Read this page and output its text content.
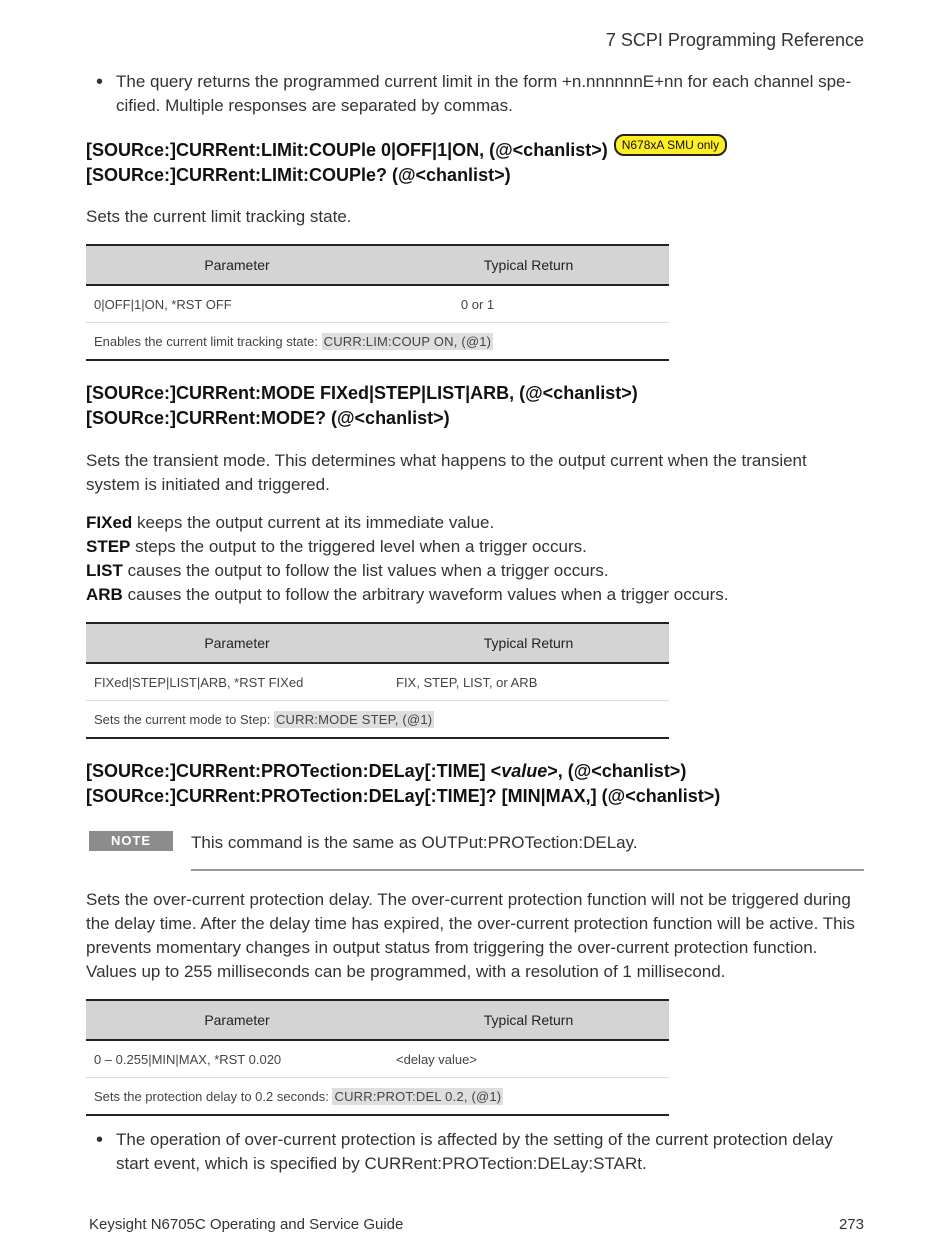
7 SCPI Programming Reference
• The query returns the programmed current limit in the form +n.nnnnnnE+nn for each channel spe-cified. Multiple responses are separated by commas.
[SOURce:]CURRent:LIMit:COUPle 0|OFF|1|ON, (@<chanlist>)	N678xA SMU only
[SOURce:]CURRent:LIMit:COUPle? (@<chanlist>)
Sets the current limit tracking state.
Parameter	Typical Return
0|OFF|1|ON, *RST OFF	0 or 1
Enables the current limit tracking state: CURR:LIM:COUP ON, (@1)	
[SOURce:]CURRent:MODE FIXed|STEP|LIST|ARB, (@<chanlist>)
[SOURce:]CURRent:MODE? (@<chanlist>)
Sets the transient mode. This determines what happens to the output current when the transient system is initiated and triggered.
FIXed keeps the output current at its immediate value.
STEP steps the output to the triggered level when a trigger occurs.
LIST causes the output to follow the list values when a trigger occurs.
ARB causes the output to follow the arbitrary waveform values when a trigger occurs.
Parameter	Typical Return
FIXed|STEP|LIST|ARB, *RST FIXed	FIX, STEP, LIST, or ARB
Sets the current mode to Step: CURR:MODE STEP, (@1)	
[SOURce:]CURRent:PROTection:DELay[:TIME] <value>, (@<chanlist>)
[SOURce:]CURRent:PROTection:DELay[:TIME]? [MIN|MAX,] (@<chanlist>)
NOTE	This command is the same as OUTPut:PROTection:DELay.
Sets the over-current protection delay. The over-current protection function will not be triggered during the delay time. After the delay time has expired, the over-current protection function will be active. This prevents momentary changes in output status from triggering the over-current protection function. Values up to 255 milliseconds can be programmed, with a resolution of 1 millisecond.
Parameter	Typical Return
0 – 0.255|MIN|MAX, *RST 0.020	<delay value>
Sets the protection delay to 0.2 seconds: CURR:PROT:DEL 0.2, (@1)	
• The operation of over-current protection is affected by the setting of the current protection delay start event, which is specified by CURRent:PROTection:DELay:STARt.
Keysight N6705C Operating and Service Guide	273
